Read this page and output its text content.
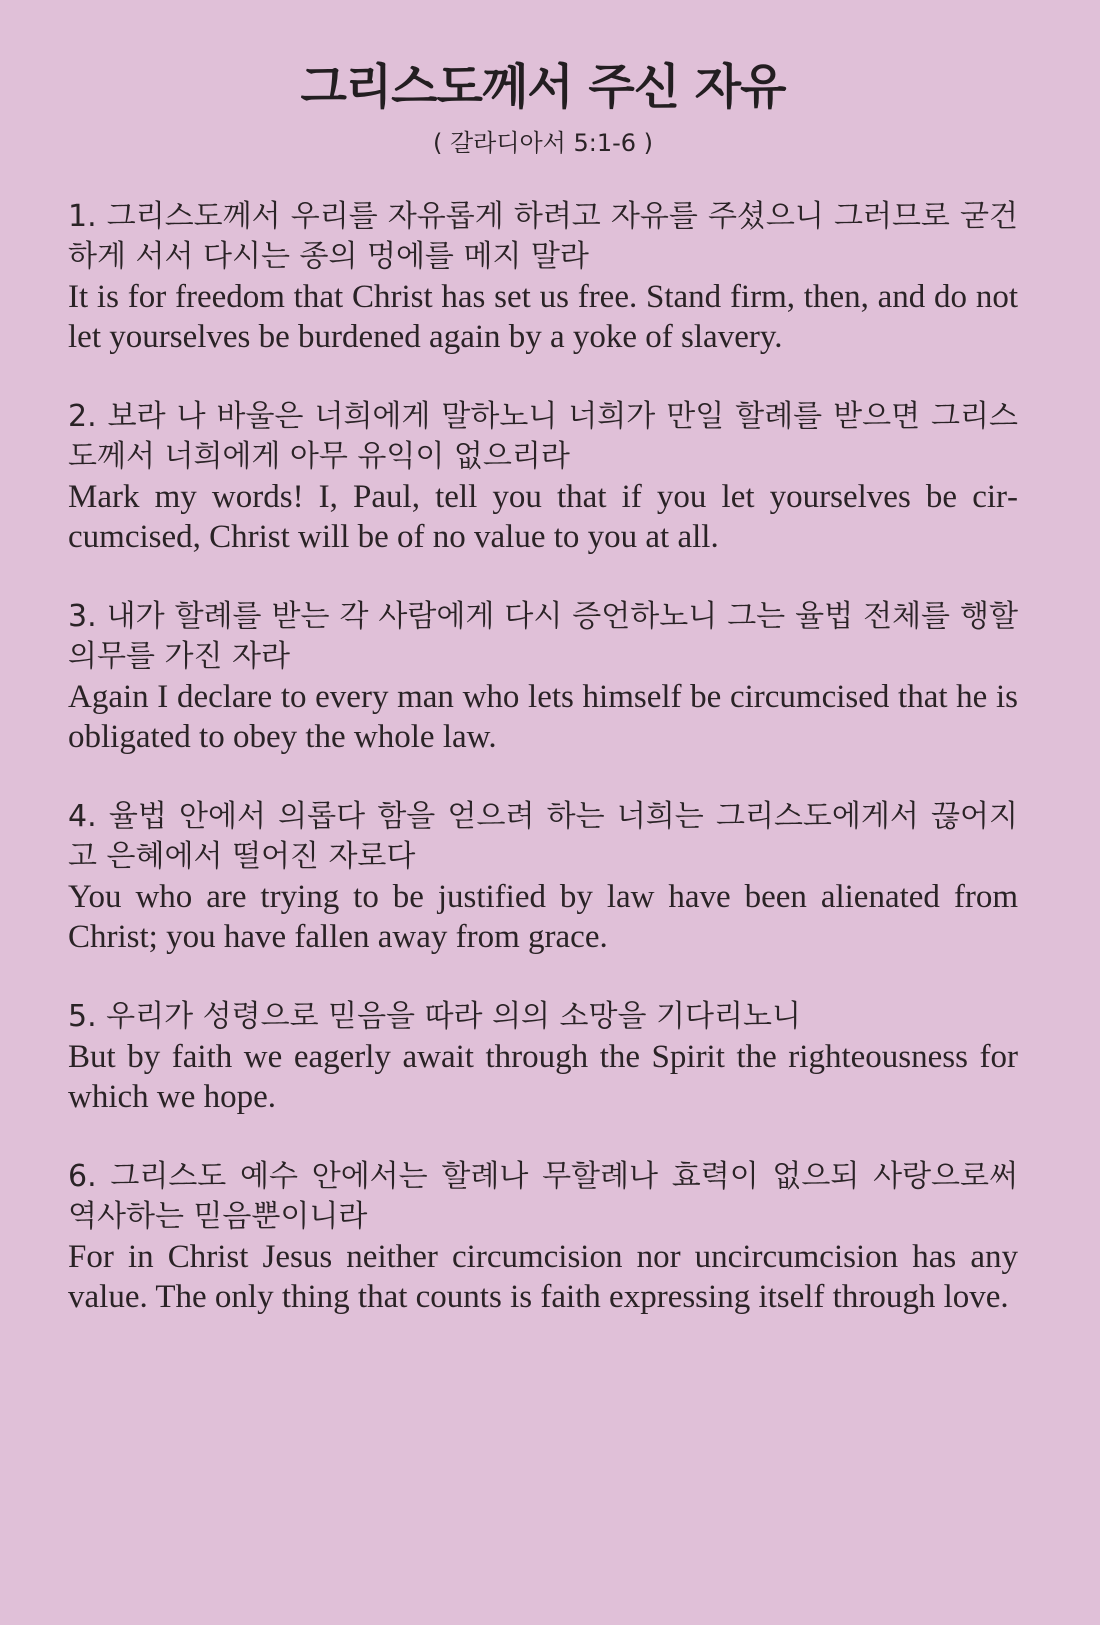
그리스도께서 주신 자유

( 갈라디아서 5:1-6 )

1. 그리스도께서 우리를 자유롭게 하려고 자유를 주셨으니 그러므로 굳건하게 서서 다시는 종의 멍에를 메지 말라

It is for freedom that Christ has set us free. Stand firm, then, and do not let yourselves be burdened again by a yoke of slavery.

2. 보라 나 바울은 너희에게 말하노니 너희가 만일 할례를 받으면 그리스도께서 너희에게 아무 유익이 없으리라

Mark my words! I, Paul, tell you that if you let yourselves be circumcised, Christ will be of no value to you at all.

3. 내가 할례를 받는 각 사람에게 다시 증언하노니 그는 율법 전체를 행할 의무를 가진 자라

Again I declare to every man who lets himself be circumcised that he is obligated to obey the whole law.

4. 율법 안에서 의롭다 함을 얻으려 하는 너희는 그리스도에게서 끊어지고 은혜에서 떨어진 자로다

You who are trying to be justified by law have been alienated from Christ; you have fallen away from grace.

5. 우리가 성령으로 믿음을 따라 의의 소망을 기다리노니

But by faith we eagerly await through the Spirit the righteousness for which we hope.

6. 그리스도 예수 안에서는 할례나 무할례나 효력이 없으되 사랑으로써 역사하는 믿음뿐이니라

For in Christ Jesus neither circumcision nor uncircumcision has any value. The only thing that counts is faith expressing itself through love.
